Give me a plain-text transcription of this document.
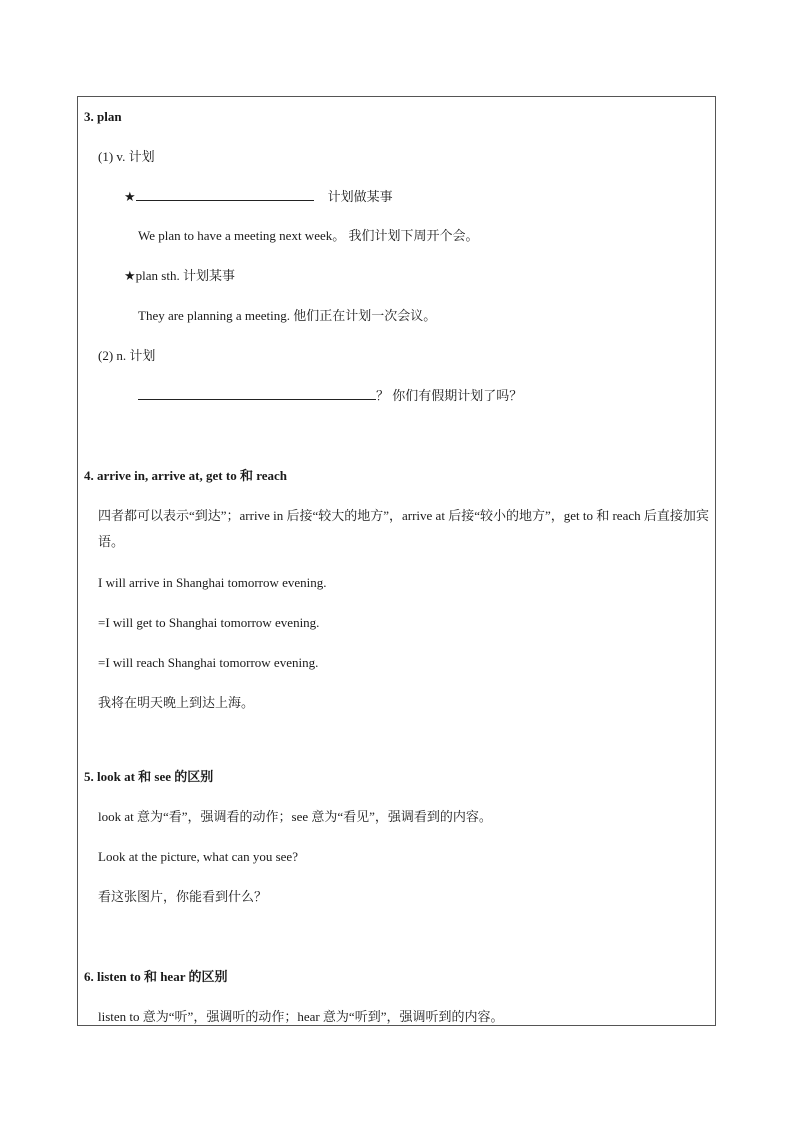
3. plan
(1) v. 计划
★	计划做某事
We plan to have a meeting next week。 我们计划下周开个会。
★plan sth. 计划某事
They are planning a meeting. 他们正在计划一次会议。
(2) n. 计划
？ 你们有假期计划了吗？
4. arrive in, arrive at, get to 和 reach
四者都可以表示“到达”；arrive in 后接“较大的地方”，arrive at 后接“较小的地方”，get to 和 reach 后直接加宾语。
I will arrive in Shanghai tomorrow evening.
=I will get to Shanghai tomorrow evening.
=I will reach Shanghai tomorrow evening.
我将在明天晚上到达上海。
5. look at 和 see 的区别
look at 意为“看”，强调看的动作；see 意为“看见”，强调看到的内容。
Look at the picture, what can you see?
看这张图片，你能看到什么？
6. listen to 和 hear 的区别
listen to 意为“听”，强调听的动作；hear 意为“听到”，强调听到的内容。
